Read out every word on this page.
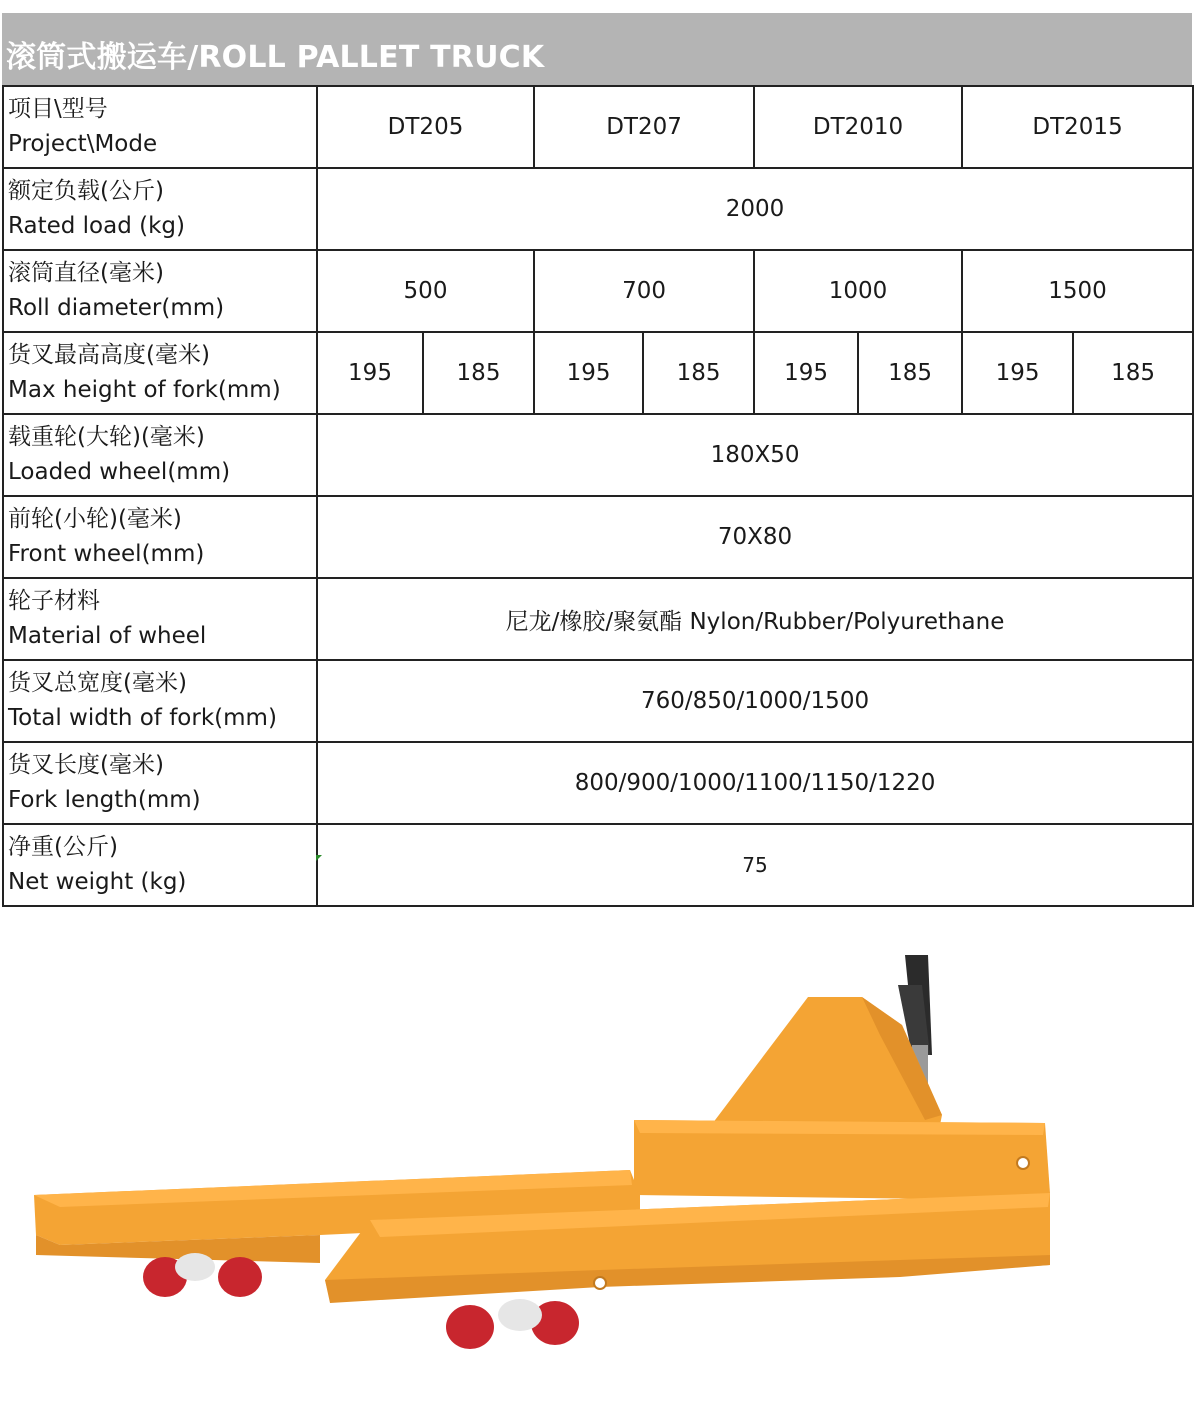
滚筒式搬运车/ROLL PALLET TRUCK
项目\型号
Project\Mode	DT205		DT207		DT2010		DT2015	

额定负载(公斤)
Rated load (kg)	2000							

滚筒直径(毫米)
Roll diameter(mm)	500		700		1000		1500	

货叉最高高度(毫米)
Max height of fork(mm)	195	185	195	185	195	185	195	185

载重轮(大轮)(毫米)
Loaded wheel(mm)	180X50							

前轮(小轮)(毫米)
Front wheel(mm)	70X80							

轮子材料
Material of wheel	尼龙/橡胶/聚氨酯 Nylon/Rubber/Polyurethane							

货叉总宽度(毫米)
Total width of fork(mm)	760/850/1000/1500							

货叉长度(毫米)
Fork length(mm)	800/900/1000/1100/1150/1220							

净重(公斤)
Net weight (kg)	75							
